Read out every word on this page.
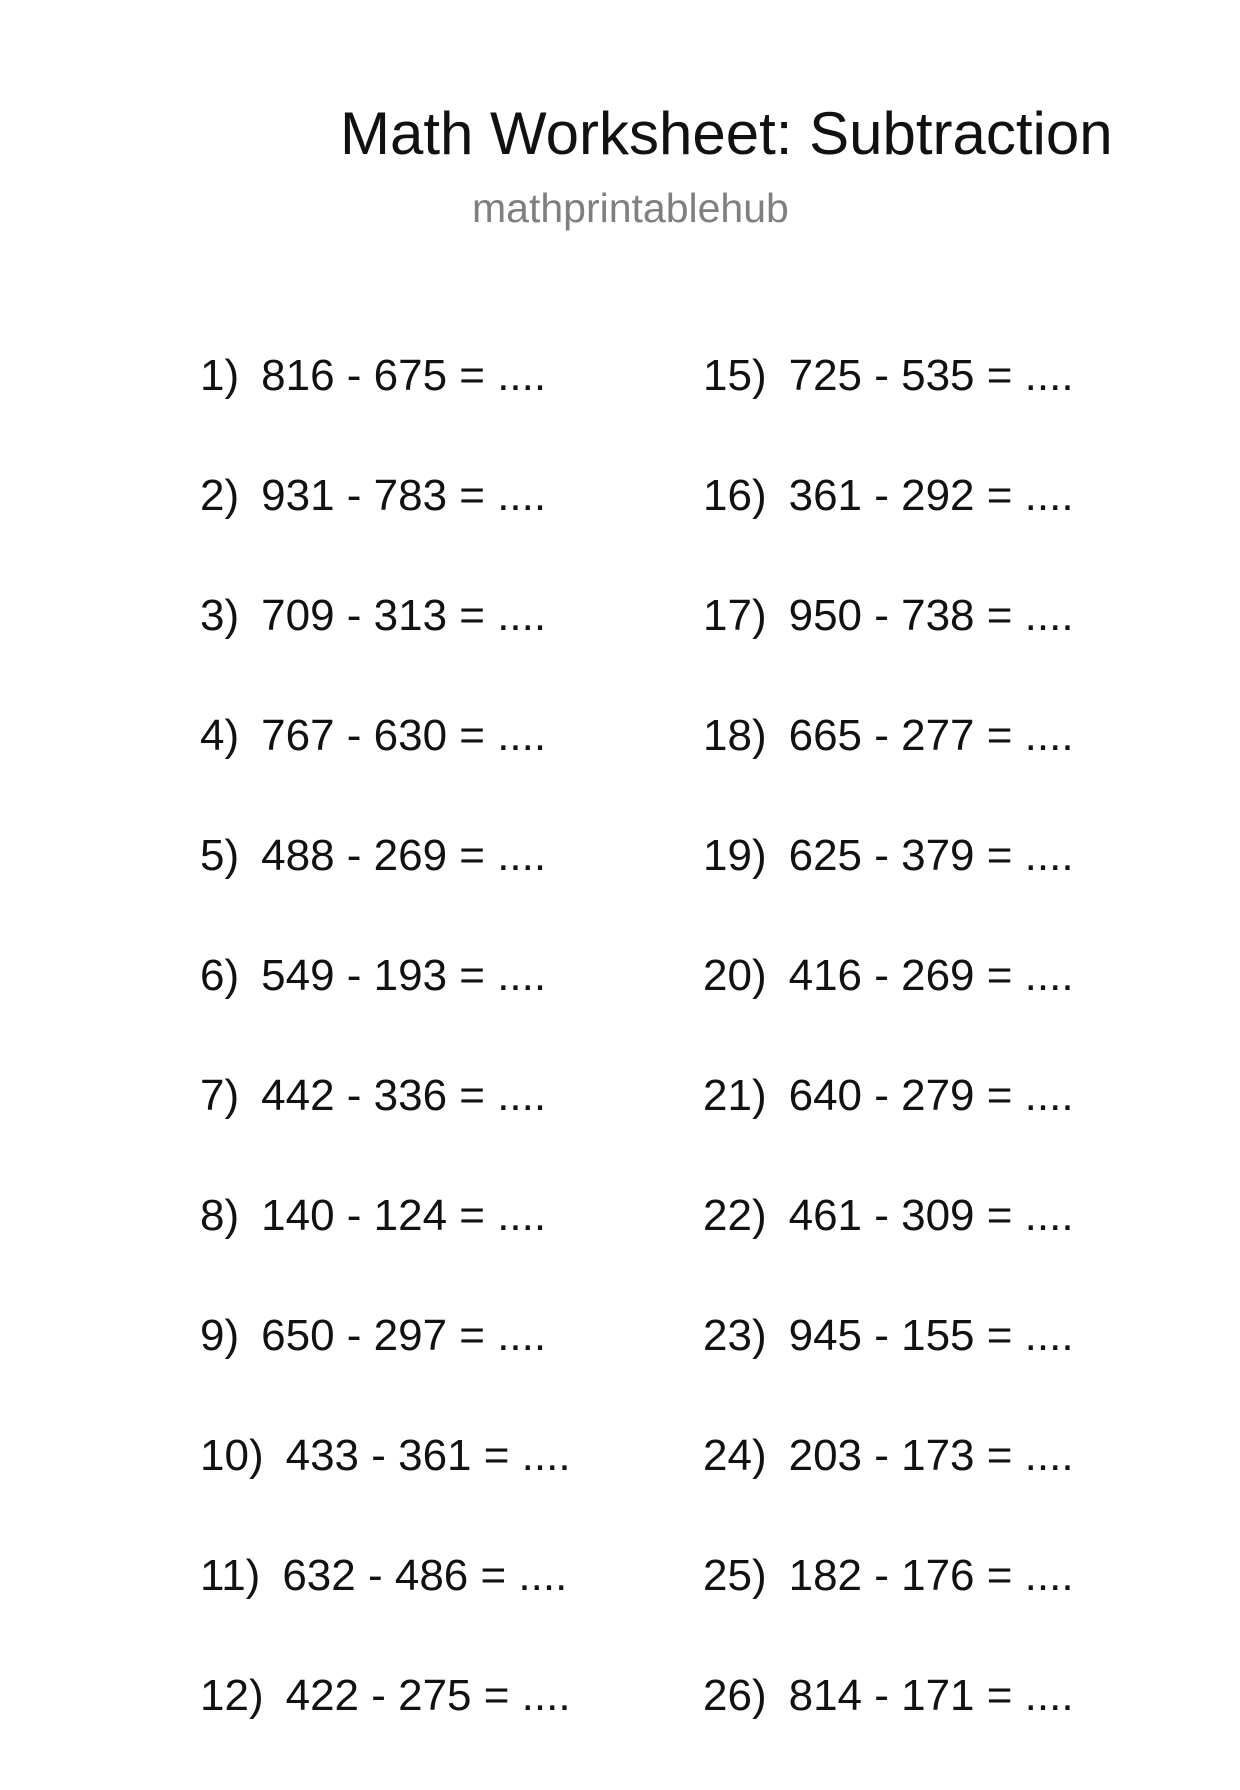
Math Worksheet: Subtraction
mathprintablehub
1) 816 - 675 = ....
2) 931 - 783 = ....
3) 709 - 313 = ....
4) 767 - 630 = ....
5) 488 - 269 = ....
6) 549 - 193 = ....
7) 442 - 336 = ....
8) 140 - 124 = ....
9) 650 - 297 = ....
10) 433 - 361 = ....
11) 632 - 486 = ....
12) 422 - 275 = ....
15) 725 - 535 = ....
16) 361 - 292 = ....
17) 950 - 738 = ....
18) 665 - 277 = ....
19) 625 - 379 = ....
20) 416 - 269 = ....
21) 640 - 279 = ....
22) 461 - 309 = ....
23) 945 - 155 = ....
24) 203 - 173 = ....
25) 182 - 176 = ....
26) 814 - 171 = ....
